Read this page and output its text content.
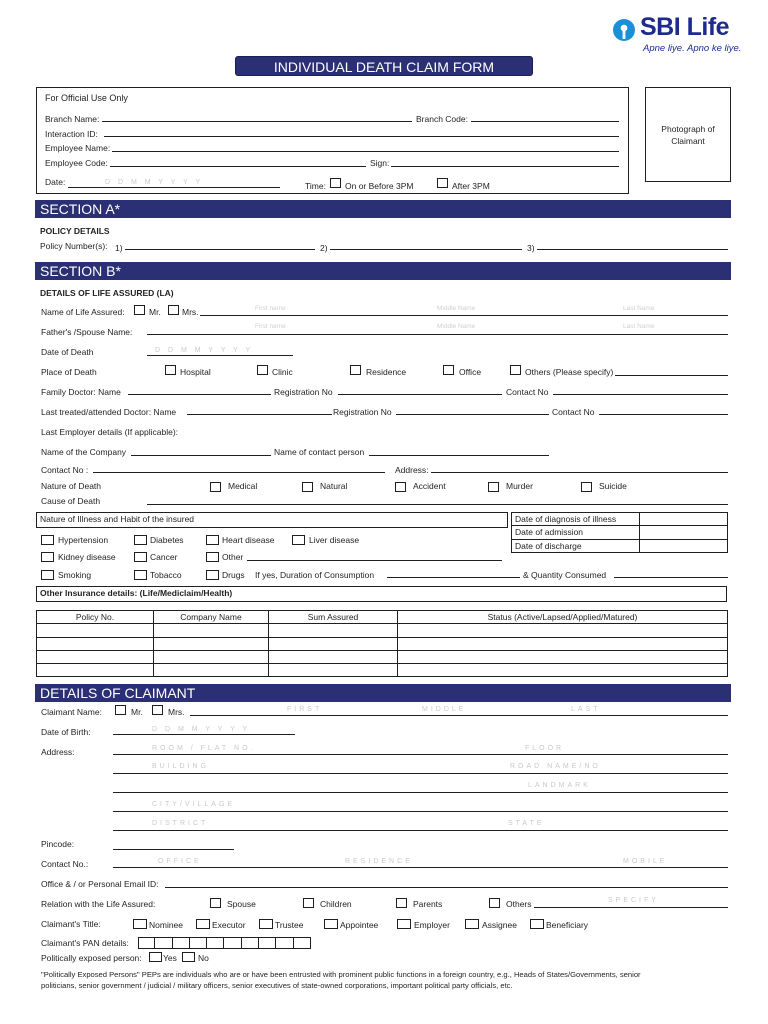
SBI Life
Apne liye. Apno ke liye.
INDIVIDUAL DEATH CLAIM FORM
For Official Use Only
Branch Name:	Branch Code:
Interaction ID:
Employee Name:
Employee Code:	Sign:
Date:	D D M M Y Y Y Y	Time: On or Before 3PM	After 3PM
Photograph of Claimant
SECTION A*
POLICY DETAILS
Policy Number(s): 1)	2)	3)
SECTION B*
DETAILS OF LIFE ASSURED (LA)
Name of Life Assured:	Mr. Mrs.	First name	Middle Name	Last Name
Father's /Spouse Name:
First name	Middle Name	Last Name
Date of Death	D D M M Y Y Y Y
Place of Death	Hospital	Clinic	Residence	Office	Others (Please specify)
Family Doctor: Name	Registration No	Contact No
Last treated/attended Doctor: Name	Registration No	Contact No
Last Employer details (If applicable):
Name of the Company	Name of contact person
Contact No :	Address:
Nature of Death	Medical	Natural	Accident	Murder	Suicide
Cause of Death
Nature of Illness and Habit of the insured	Date of diagnosis of illness	
Date of admission	
Date of discharge	
Hypertension	Diabetes	Heart disease	Liver disease
Kidney disease	Cancer	Other
Smoking	Tobacco	Drugs If yes, Duration of Consumption	& Quantity Consumed
Other Insurance details: (Life/Mediclaim/Health)
Policy No.	Company Name	Sum Assured	Status (Active/Lapsed/Applied/Matured)

DETAILS OF CLAIMANT
Claimant Name:	Mr.	Mrs.	FIRST	MIDDLE	LAST
Date of Birth:	D D M M Y Y Y Y
Address:	ROOM / FLAT NO.	FLOOR
BUILDING	ROAD NAME/NO
LANDMARK
CITY/VILLAGE
DISTRICT	STATE
Pincode:
Contact No.:	OFFICE	RESIDENCE	MOBILE
Office & / or Personal Email ID:
Relation with the Life Assured:	Spouse	Children	Parents	Others	SPECIFY
Claimant's Title:	Nominee	Executor	Trustee	Appointee	Employer	Assignee	Beneficiary
Claimant's PAN details:
Politically exposed person:	Yes No
"Politically Exposed Persons" PEPs are individuals who are or have been entrusted with prominent public functions in a foreign country, e.g., Heads of States/Governments, senior
politicians, senior government / judicial / military officers, senior executives of state-owned corporations, important political party officials, etc.
